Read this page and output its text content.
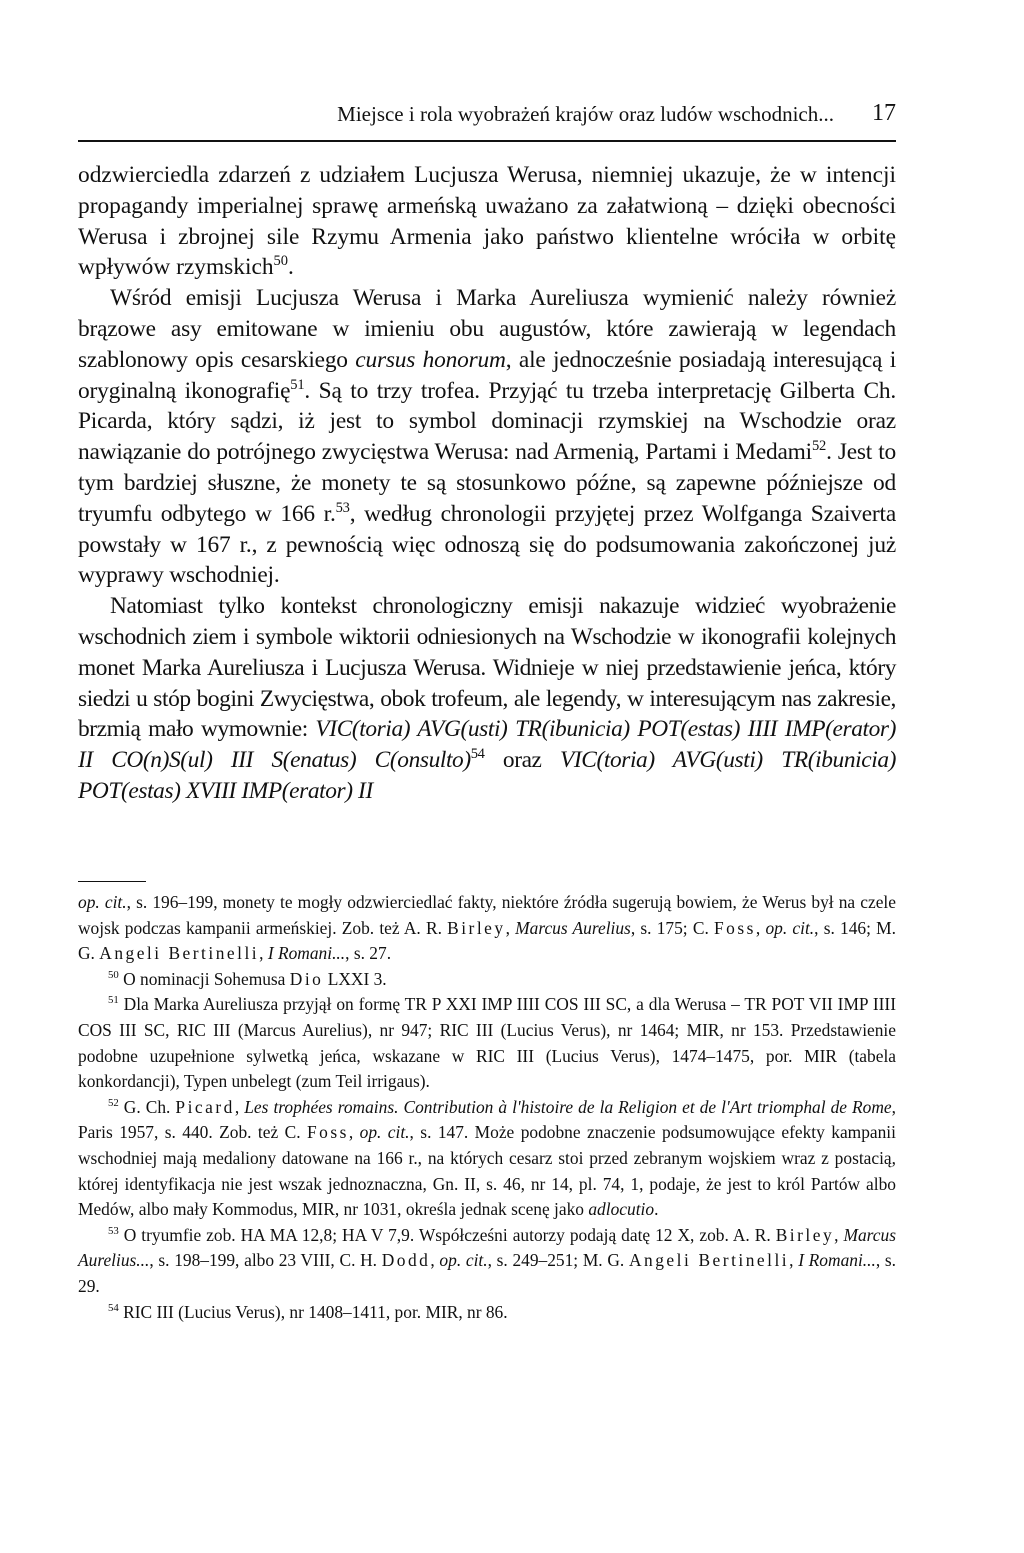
Miejsce i rola wyobrażeń krajów oraz ludów wschodnich... 17

odzwierciedla zdarzeń z udziałem Lucjusza Werusa, niemniej ukazuje, że w intencji propagandy imperialnej sprawę armeńską uważano za załatwioną – dzięki obecności Werusa i zbrojnej sile Rzymu Armenia jako państwo klientelne wróciła w orbitę wpływów rzymskich$^{50}$.

Wśród emisji Lucjusza Werusa i Marka Aureliusza wymienić należy również brązowe asy emitowane w imieniu obu augustów, które zawierają w legendach szablonowy opis cesarskiego cursus honorum, ale jednocześnie posiadają interesującą i oryginalną ikonografię$^{51}$. Są to trzy trofea. Przyjąć tu trzeba interpretację Gilberta Ch. Picarda, który sądzi, iż jest to symbol dominacji rzymskiej na Wschodzie oraz nawiązanie do potrójnego zwycięstwa Werusa: nad Armenią, Partami i Medami$^{52}$. Jest to tym bardziej słuszne, że monety te są stosunkowo późne, są zapewne późniejsze od tryumfu odbytego w 166 r.$^{53}$, według chronologii przyjętej przez Wolfganga Szaiverta powstały w 167 r., z pewnością więc odnoszą się do podsumowania zakończonej już wyprawy wschodniej.

Natomiast tylko kontekst chronologiczny emisji nakazuje widzieć wyobrażenie wschodnich ziem i symbole wiktorii odniesionych na Wschodzie w ikonografii kolejnych monet Marka Aureliusza i Lucjusza Werusa. Widnieje w niej przedstawienie jeńca, który siedzi u stóp bogini Zwycięstwa, obok trofeum, ale legendy, w interesującym nas zakresie, brzmią mało wymownie: VIC(toria) AVG(usti) TR(ibunicia) POT(estas) IIII IMP(erator) II CO(n)S(ul) III S(enatus) C(onsulto)$^{54}$ oraz VIC(toria) AVG(usti) TR(ibunicia) POT(estas) XVIII IMP(erator) II

op. cit., s. 196–199, monety te mogły odzwierciedlać fakty, niektóre źródła sugerują bowiem, że Werus był na czele wojsk podczas kampanii armeńskiej. Zob. też A. R. Birley, Marcus Aurelius, s. 175; C. Foss, op. cit., s. 146; M. G. Angeli Bertinelli, I Romani..., s. 27.

$^{50}$ O nominacji Sohemusa Dio LXXI 3.

$^{51}$ Dla Marka Aureliusza przyjął on formę TR P XXI IMP IIII COS III SC, a dla Werusa – TR POT VII IMP IIII COS III SC, RIC III (Marcus Aurelius), nr 947; RIC III (Lucius Verus), nr 1464; MIR, nr 153. Przedstawienie podobne uzupełnione sylwetką jeńca, wskazane w RIC III (Lucius Verus), 1474–1475, por. MIR (tabela konkordancji), Typen unbelegt (zum Teil irrigaus).

$^{52}$ G. Ch. Picard, Les trophées romains. Contribution à l'histoire de la Religion et de l'Art triomphal de Rome, Paris 1957, s. 440. Zob. też C. Foss, op. cit., s. 147. Może podobne znaczenie podsumowujące efekty kampanii wschodniej mają medaliony datowane na 166 r., na których cesarz stoi przed zebranym wojskiem wraz z postacią, której identyfikacja nie jest wszak jednoznaczna, Gn. II, s. 46, nr 14, pl. 74, 1, podaje, że jest to król Partów albo Medów, albo mały Kommodus, MIR, nr 1031, określa jednak scenę jako adlocutio.

$^{53}$ O tryumfie zob. HA MA 12,8; HA V 7,9. Współcześni autorzy podają datę 12 X, zob. A. R. Birley, Marcus Aurelius..., s. 198–199, albo 23 VIII, C. H. Dodd, op. cit., s. 249–251; M. G. Angeli Bertinelli, I Romani..., s. 29.

$^{54}$ RIC III (Lucius Verus), nr 1408–1411, por. MIR, nr 86.
